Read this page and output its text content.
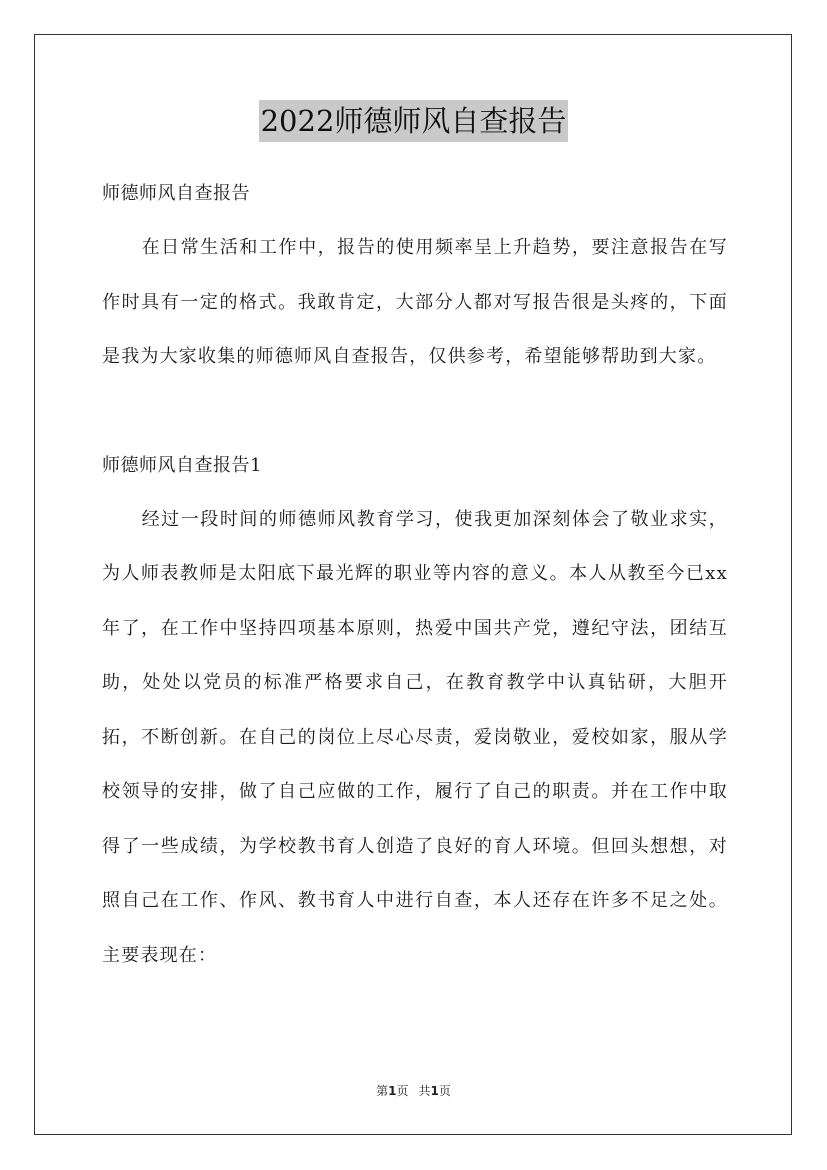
2022师德师风自查报告

师德师风自查报告

在日常生活和工作中，报告的使用频率呈上升趋势，要注意报告在写作时具有一定的格式。我敢肯定，大部分人都对写报告很是头疼的，下面是我为大家收集的师德师风自查报告，仅供参考，希望能够帮助到大家。

师德师风自查报告1

经过一段时间的师德师风教育学习，使我更加深刻体会了敬业求实，为人师表教师是太阳底下最光辉的职业等内容的意义。本人从教至今已xx年了，在工作中坚持四项基本原则，热爱中国共产党，遵纪守法，团结互助，处处以党员的标准严格要求自己，在教育教学中认真钻研，大胆开拓，不断创新。在自己的岗位上尽心尽责，爱岗敬业，爱校如家，服从学校领导的安排，做了自己应做的工作，履行了自己的职责。并在工作中取得了一些成绩，为学校教书育人创造了良好的育人环境。但回头想想，对照自己在工作、作风、教书育人中进行自查，本人还存在许多不足之处。主要表现在：

第1页 共1页
